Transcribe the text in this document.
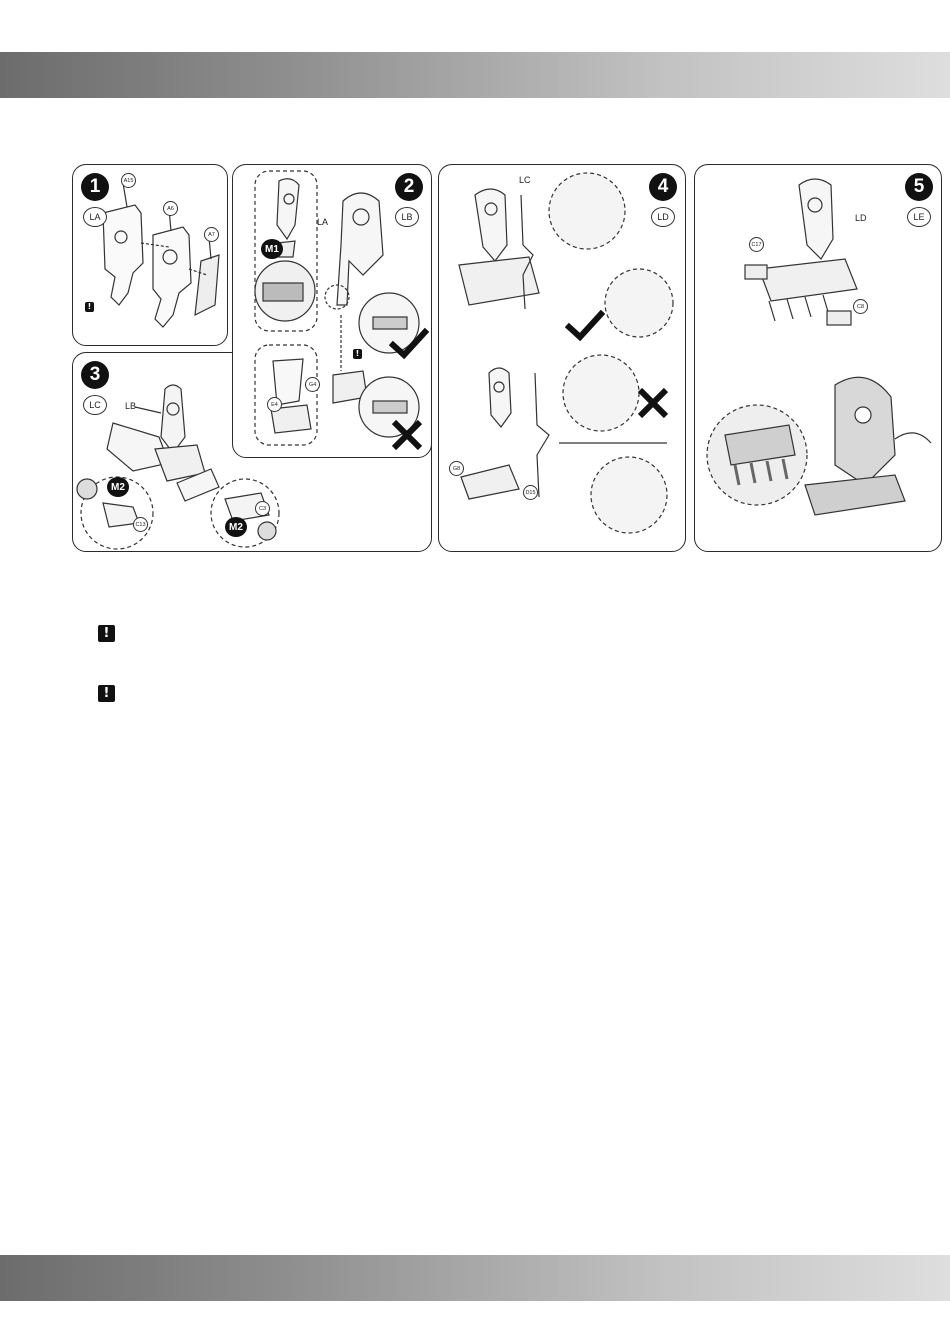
1
LA
A15
A6
A7
!
3
LC	LB
M2
M2
C13
C3
2
LB
LA
M1
G4
E4
!
4
LD
LC
G8
D15
5
LE
LD
C17
C8
!
!
